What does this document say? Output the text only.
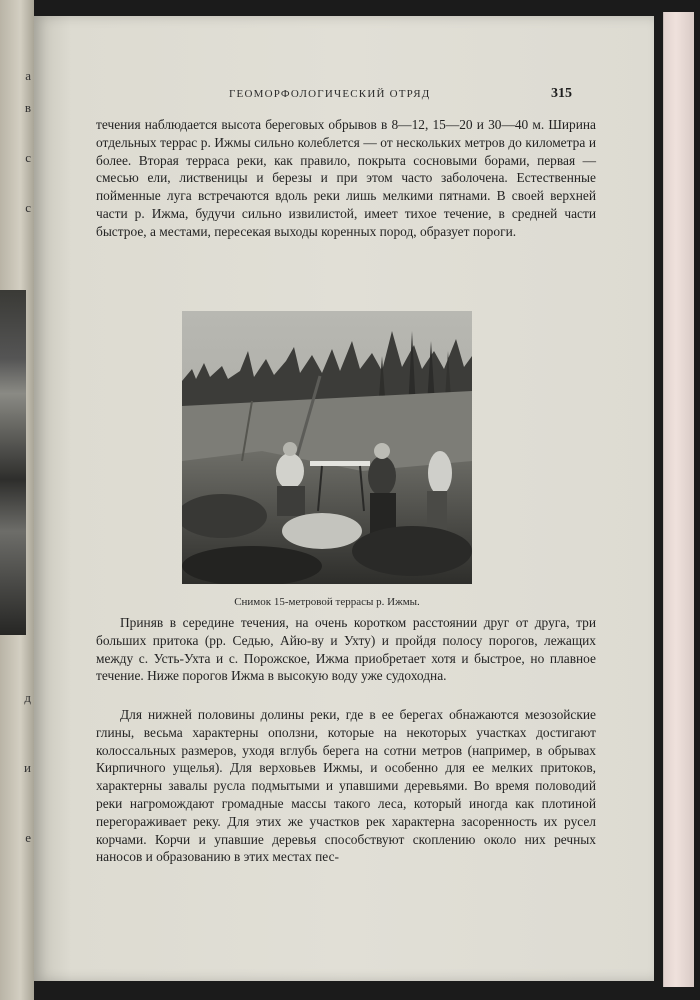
а
в
с
с
д
и
е
ГЕОМОРФОЛОГИЧЕСКИЙ ОТРЯД	315

течения наблюдается высота береговых обрывов в 8—12, 15—20 и 30—40 м. Ширина отдельных террас р. Ижмы сильно колеблется — от нескольких метров до километра и более. Вторая терраса реки, как правило, покрыта сосновыми борами, первая — смесью ели, лиственицы и березы и при этом часто заболочена. Естественные пойменные луга встречаются вдоль реки лишь мелкими пятнами. В своей верхней части р. Ижма, будучи сильно извилистой, имеет тихое течение, в средней части быстрое, а местами, пересекая выходы коренных пород, образует пороги.

Снимок 15-метровой террасы р. Ижмы.

Приняв в середине течения, на очень коротком расстоянии друг от друга, три больших притока (рр. Седью, Айю-ву и Ухту) и пройдя полосу порогов, лежащих между с. Усть-Ухта и с. Порожское, Ижма приобретает хотя и быстрое, но плавное течение. Ниже порогов Ижма в высокую воду уже судоходна.

Для нижней половины долины реки, где в ее берегах обнажаются мезозойские глины, весьма характерны оползни, которые на некоторых участках достигают колоссальных размеров, уходя вглубь берега на сотни метров (например, в обрывах Кирпичного ущелья). Для верховьев Ижмы, и особенно для ее мелких притоков, характерны завалы русла подмытыми и упавшими деревьями. Во время половодий реки нагромождают громадные массы такого леса, который иногда как плотиной перегораживает реку. Для этих же участков рек характерна засоренность их русел корчами. Корчи и упавшие деревья способствуют скоплению около них речных наносов и образованию в этих местах пес-
